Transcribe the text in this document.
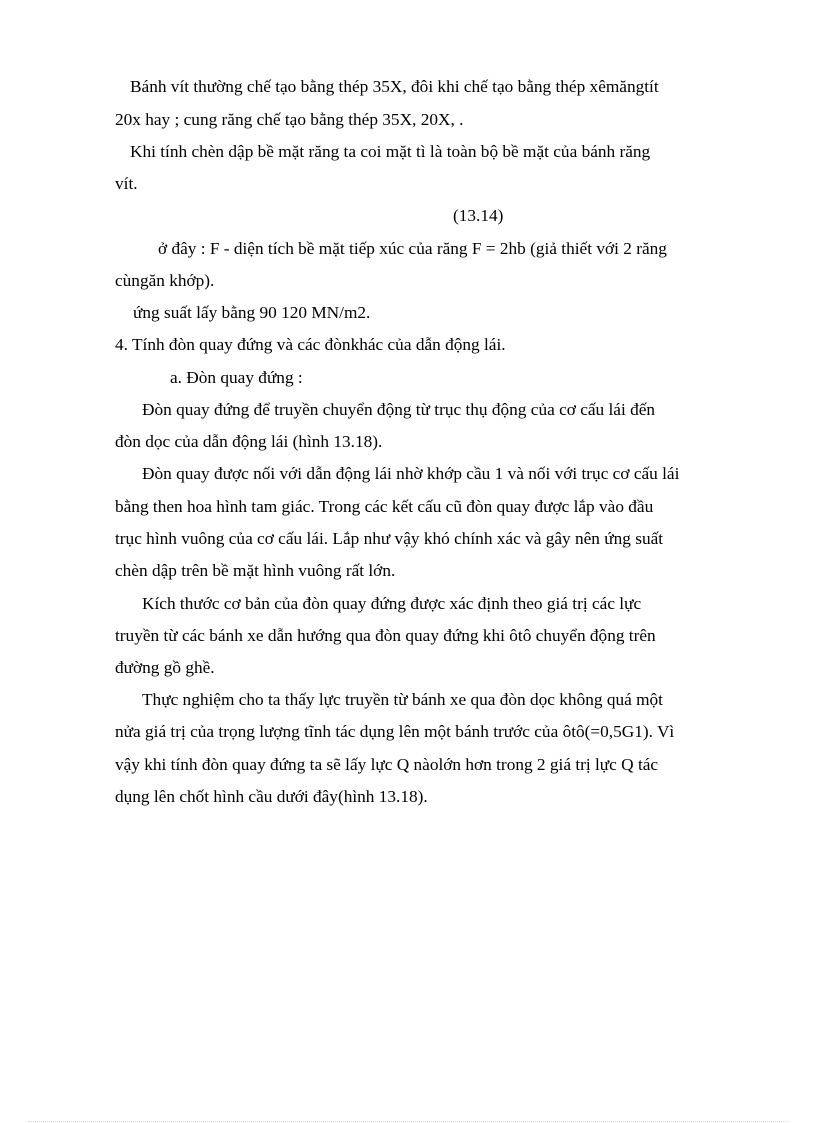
Bánh vít thường chế tạo bằng thép 35X, đôi khi chế tạo bằng thép xêmăngtít
20x hay ; cung răng chế tạo bằng thép 35X, 20X, .
Khi tính chèn dập bề mặt răng ta coi mặt tì là toàn bộ bề mặt của bánh răng
vít.
(13.14)
ở đây : F - diện tích bề mặt tiếp xúc của răng F = 2hb (giả thiết với 2 răng
cùngăn khớp).
ứng suất lấy bằng 90 120 MN/m2.
4. Tính đòn quay đứng và các đònkhác của dẫn động lái.
a. Đòn quay đứng :
Đòn quay đứng để truyền chuyển động từ trục thụ động của cơ cấu lái đến
đòn dọc của dẫn động lái (hình 13.18).
Đòn quay được nối với dẫn động lái nhờ khớp cầu 1 và nối với trục cơ cấu lái
bằng then hoa hình tam giác. Trong các kết cấu cũ đòn quay được lắp vào đầu
trục hình vuông của cơ cấu lái. Lắp như vậy khó chính xác và gây nên ứng suất
chèn dập trên bề mặt hình vuông rất lớn.
Kích thước cơ bản của đòn quay đứng được xác định theo giá trị các lực
truyền từ các bánh xe dẫn hướng qua đòn quay đứng khi ôtô chuyển động trên
đường gồ ghề.
Thực nghiệm cho ta thấy lực truyền từ bánh xe qua đòn dọc không quá một
nửa giá trị của trọng lượng tĩnh tác dụng lên một bánh trước của ôtô(=0,5G1). Vì
vậy khi tính đòn quay đứng ta sẽ lấy lực Q nàolớn hơn trong 2 giá trị lực Q tác
dụng lên chốt hình cầu dưới đây(hình 13.18).
